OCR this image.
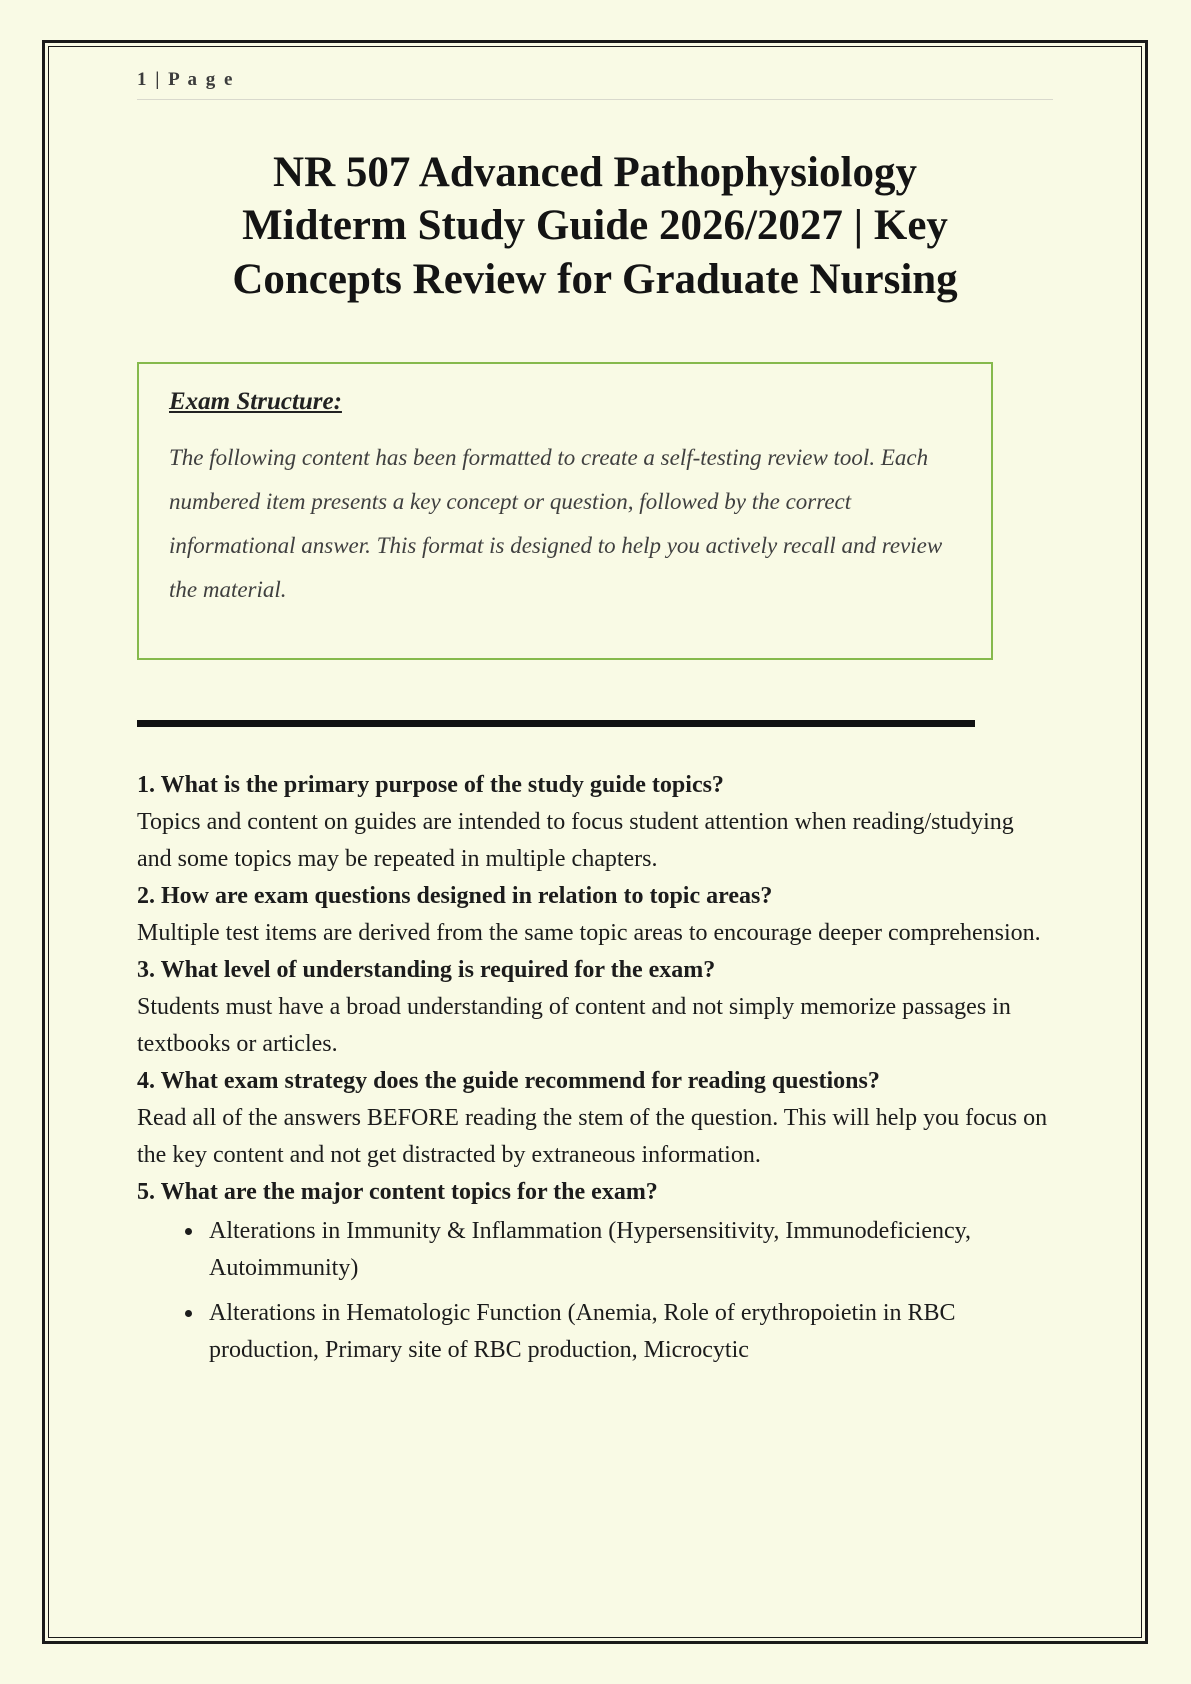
1 | P a g e
NR 507 Advanced Pathophysiology
Midterm Study Guide 2026/2027 | Key
Concepts Review for Graduate Nursing
Exam Structure:

The following content has been formatted to create a self-testing review tool. Each numbered item presents a key concept or question, followed by the correct informational answer. This format is designed to help you actively recall and review the material.

1. What is the primary purpose of the study guide topics?
Topics and content on guides are intended to focus student attention when reading/studying and some topics may be repeated in multiple chapters.
2. How are exam questions designed in relation to topic areas?
Multiple test items are derived from the same topic areas to encourage deeper comprehension.
3. What level of understanding is required for the exam?
Students must have a broad understanding of content and not simply memorize passages in textbooks or articles.
4. What exam strategy does the guide recommend for reading questions?
Read all of the answers BEFORE reading the stem of the question. This will help you focus on the key content and not get distracted by extraneous information.
5. What are the major content topics for the exam?
• Alterations in Immunity & Inflammation (Hypersensitivity, Immunodeficiency, Autoimmunity)
• Alterations in Hematologic Function (Anemia, Role of erythropoietin in RBC production, Primary site of RBC production, Microcytic
